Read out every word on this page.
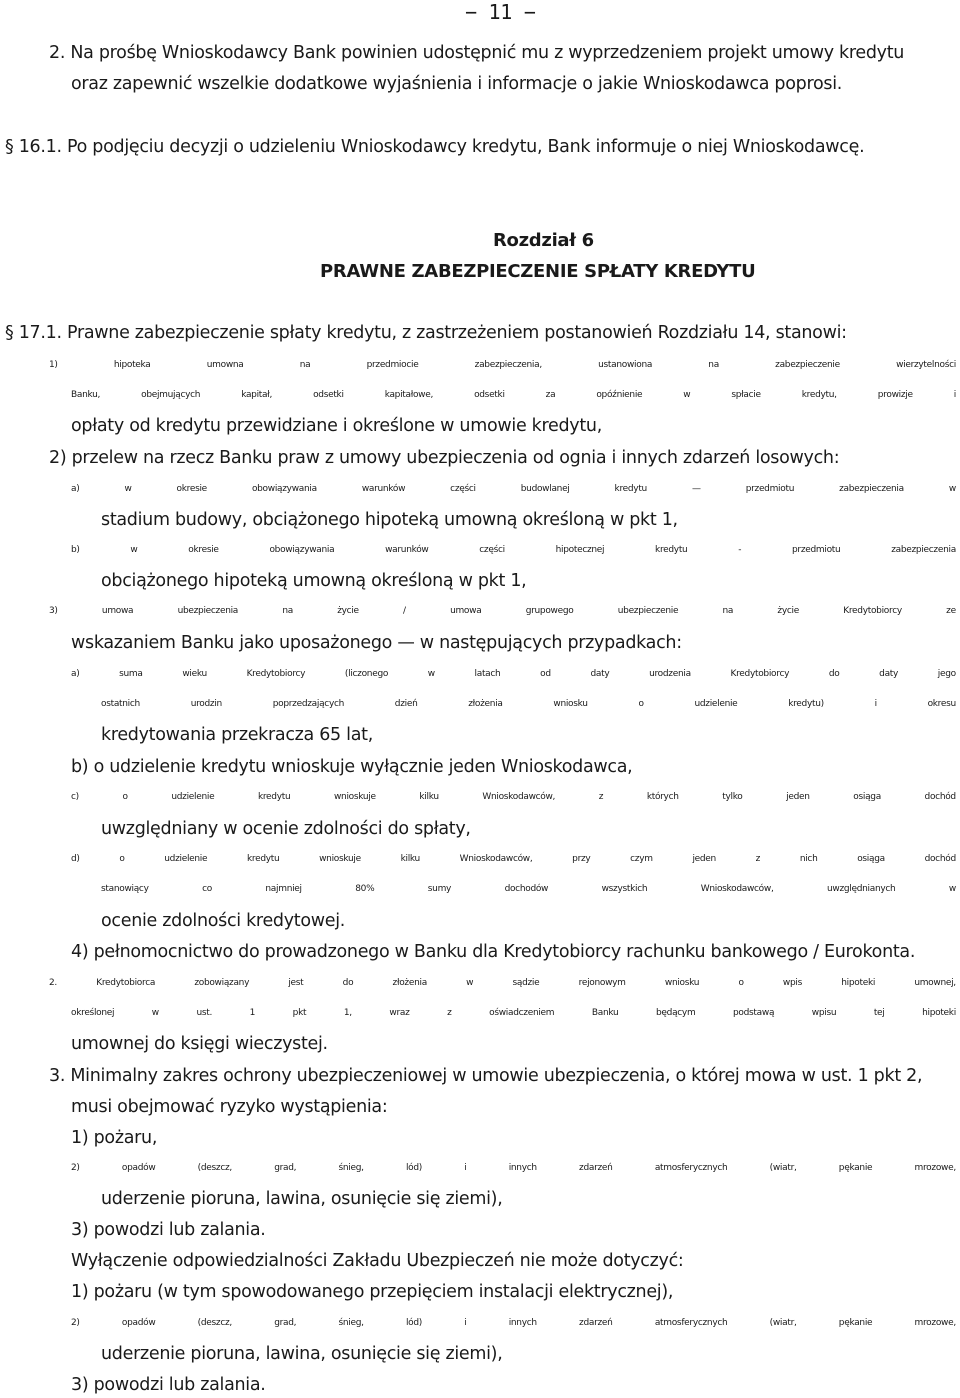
− 11 −
2. Na prośbę Wnioskodawcy Bank powinien udostępnić mu z wyprzedzeniem projekt umowy kredytu
oraz zapewnić wszelkie dodatkowe wyjaśnienia i informacje o jakie Wnioskodawca poprosi.
§ 16.1. Po podjęciu decyzji o udzieleniu Wnioskodawcy kredytu, Bank informuje o niej Wnioskodawcę.
Rozdział 6
PRAWNE ZABEZPIECZENIE SPŁATY KREDYTU
§ 17.1. Prawne zabezpieczenie spłaty kredytu, z zastrzeżeniem postanowień Rozdziału 14, stanowi:
1)	hipoteka	umowna	na	przedmiocie	zabezpieczenia,	ustanowiona	na	zabezpieczenie	wierzytelności
Banku,	obejmujących	kapitał,	odsetki	kapitałowe,	odsetki	za	opóźnienie	w	spłacie	kredytu,	prowizje	i
opłaty od kredytu przewidziane i określone w umowie kredytu,
2) przelew na rzecz Banku praw z umowy ubezpieczenia od ognia i innych zdarzeń losowych:
a)	w	okresie	obowiązywania	warunków	części	budowlanej	kredytu	—	przedmiotu	zabezpieczenia	w
stadium budowy, obciążonego hipoteką umowną określoną w pkt 1,
b)	w	okresie	obowiązywania	warunków	części	hipotecznej	kredytu	-	przedmiotu	zabezpieczenia
obciążonego hipoteką umowną określoną w pkt 1,
3)	umowa	ubezpieczenia	na	życie	/	umowa	grupowego	ubezpieczenie	na	życie	Kredytobiorcy	ze
wskazaniem Banku jako uposażonego — w następujących przypadkach:
a)	suma	wieku	Kredytobiorcy	(liczonego	w	latach	od	daty	urodzenia	Kredytobiorcy	do	daty	jego
ostatnich	urodzin	poprzedzających	dzień	złożenia	wniosku	o	udzielenie	kredytu)	i	okresu
kredytowania przekracza 65 lat,
b) o udzielenie kredytu wnioskuje wyłącznie jeden Wnioskodawca,
c)	o	udzielenie	kredytu	wnioskuje	kilku	Wnioskodawców,	z	których	tylko	jeden	osiąga	dochód
uwzględniany w ocenie zdolności do spłaty,
d)	o	udzielenie	kredytu	wnioskuje	kilku	Wnioskodawców,	przy	czym	jeden	z	nich	osiąga	dochód
stanowiący	co	najmniej	80%	sumy	dochodów	wszystkich	Wnioskodawców,	uwzględnianych	w
ocenie zdolności kredytowej.
4) pełnomocnictwo do prowadzonego w Banku dla Kredytobiorcy rachunku bankowego / Eurokonta.
2.	Kredytobiorca	zobowiązany	jest	do	złożenia	w	sądzie	rejonowym	wniosku	o	wpis	hipoteki	umownej,
określonej	w	ust.	1	pkt	1,	wraz	z	oświadczeniem	Banku	będącym	podstawą	wpisu	tej	hipoteki
umownej do księgi wieczystej.
3. Minimalny zakres ochrony ubezpieczeniowej w umowie ubezpieczenia, o której mowa w ust. 1 pkt 2,
musi obejmować ryzyko wystąpienia:
1) pożaru,
2)	opadów	(deszcz,	grad,	śnieg,	lód)	i	innych	zdarzeń	atmosferycznych	(wiatr,	pękanie	mrozowe,
uderzenie pioruna, lawina, osunięcie się ziemi),
3) powodzi lub zalania.
Wyłączenie odpowiedzialności Zakładu Ubezpieczeń nie może dotyczyć:
1) pożaru (w tym spowodowanego przepięciem instalacji elektrycznej),
2)	opadów	(deszcz,	grad,	śnieg,	lód)	i	innych	zdarzeń	atmosferycznych	(wiatr,	pękanie	mrozowe,
uderzenie pioruna, lawina, osunięcie się ziemi),
3) powodzi lub zalania.
